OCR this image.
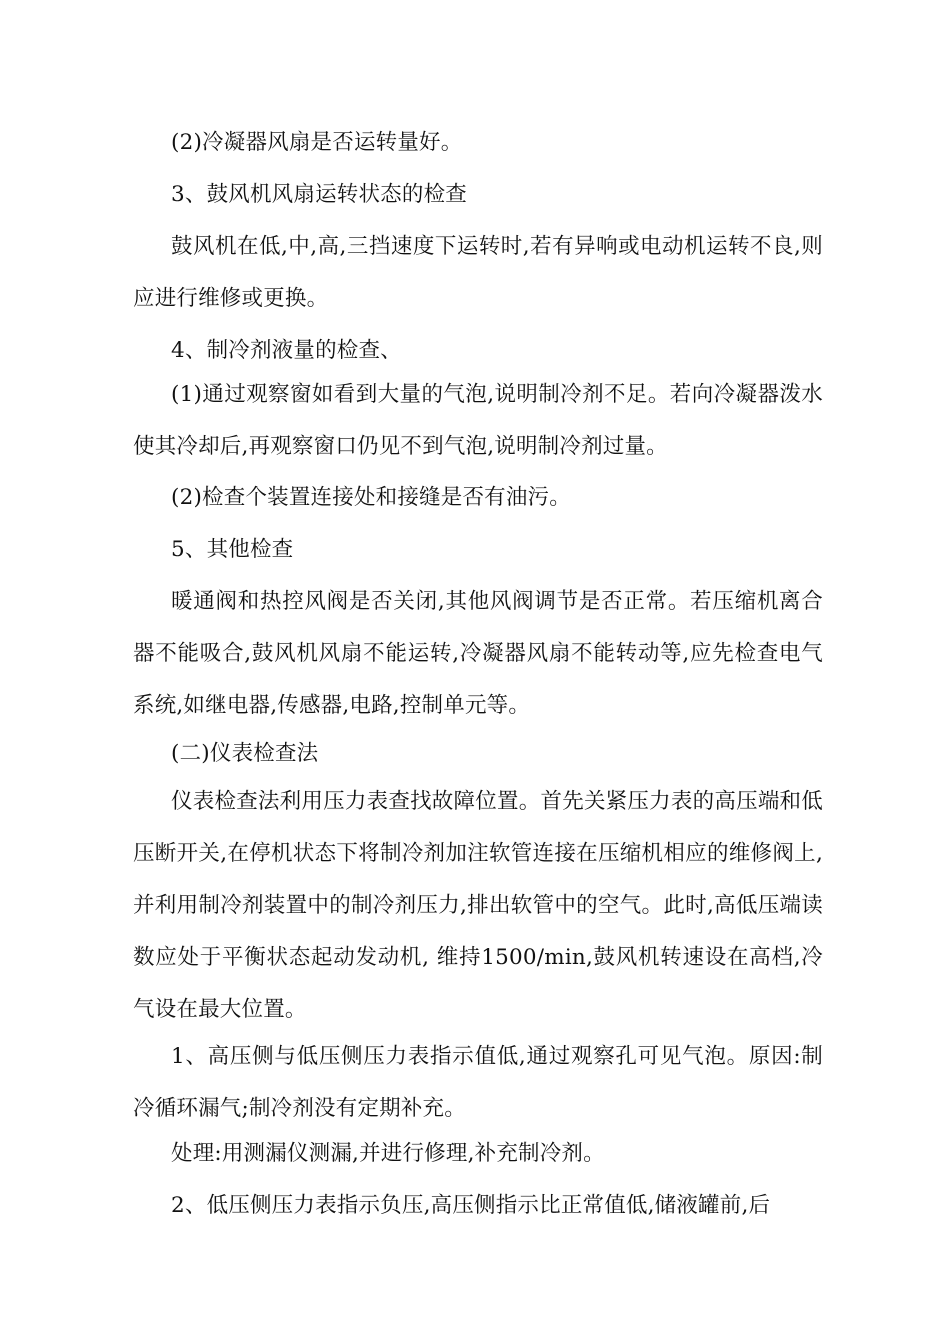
(2)冷凝器风扇是否运转量好。

3、鼓风机风扇运转状态的检查

鼓风机在低,中,高,三挡速度下运转时,若有异响或电动机运转不良,则应进行维修或更换。

4、制冷剂液量的检查、

(1)通过观察窗如看到大量的气泡,说明制冷剂不足。若向冷凝器泼水使其冷却后,再观察窗口仍见不到气泡,说明制冷剂过量。

(2)检查个装置连接处和接缝是否有油污。

5、其他检查

暖通阀和热控风阀是否关闭,其他风阀调节是否正常。若压缩机离合器不能吸合,鼓风机风扇不能运转,冷凝器风扇不能转动等,应先检查电气系统,如继电器,传感器,电路,控制单元等。

(二)仪表检查法

仪表检查法利用压力表查找故障位置。首先关紧压力表的高压端和低压断开关,在停机状态下将制冷剂加注软管连接在压缩机相应的维修阀上,并利用制冷剂装置中的制冷剂压力,排出软管中的空气。此时,高低压端读数应处于平衡状态起动发动机, 维持1500/min,鼓风机转速设在高档,冷气设在最大位置。

1、高压侧与低压侧压力表指示值低,通过观察孔可见气泡。原因:制冷循环漏气;制冷剂没有定期补充。

处理:用测漏仪测漏,并进行修理,补充制冷剂。

2、低压侧压力表指示负压,高压侧指示比正常值低,储液罐前,后
